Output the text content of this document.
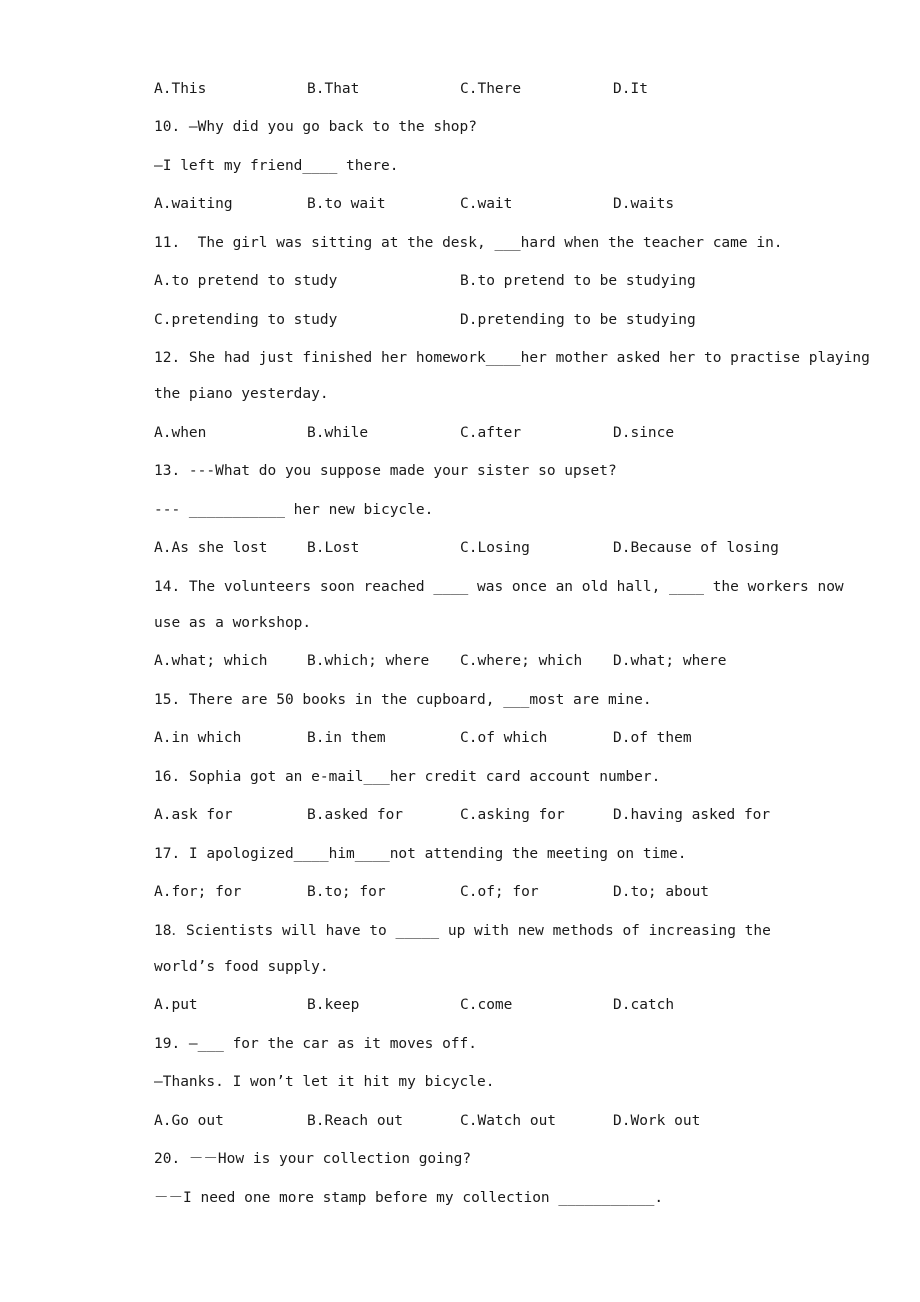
A.This	B.That	C.There	D.It
10. —Why did you go back to the shop?
—I left my friend____ there.
A.waiting	B.to wait	C.wait	D.waits
11.  The girl was sitting at the desk, ___hard when the teacher came in.
A.to pretend to study	B.to pretend to be studying
C.pretending to study	D.pretending to be studying
12. She had just finished her homework____her mother asked her to practise playing
the piano yesterday.
A.when	B.while	C.after	D.since
13. ---What do you suppose made your sister so upset?
--- ___________ her new bicycle.
A.As she lost	B.Lost	C.Losing	D.Because of losing
14. The volunteers soon reached ____ was once an old hall, ____ the workers now
use as a workshop.
A.what; which	B.which; where C.where; which D.what; where
15. There are 50 books in the cupboard, ___most are mine.
A.in which	B.in them	C.of which	D.of them
16. Sophia got an e-mail___her credit card account number.
A.ask for	B.asked for	C.asking for	D.having asked for
17. I apologized____him____not attending the meeting on time.
A.for; for	B.to; for	C.of; for	D.to; about
18．Scientists will have to _____ up with new methods of increasing the
world’s food supply.
A.put	B.keep	C.come	D.catch
19. —___ for the car as it moves off.
—Thanks. I won’t let it hit my bicycle.
A.Go out	B.Reach out	C.Watch out	D.Work out
20. －－How is your collection going?
－－I need one more stamp before my collection ___________.
